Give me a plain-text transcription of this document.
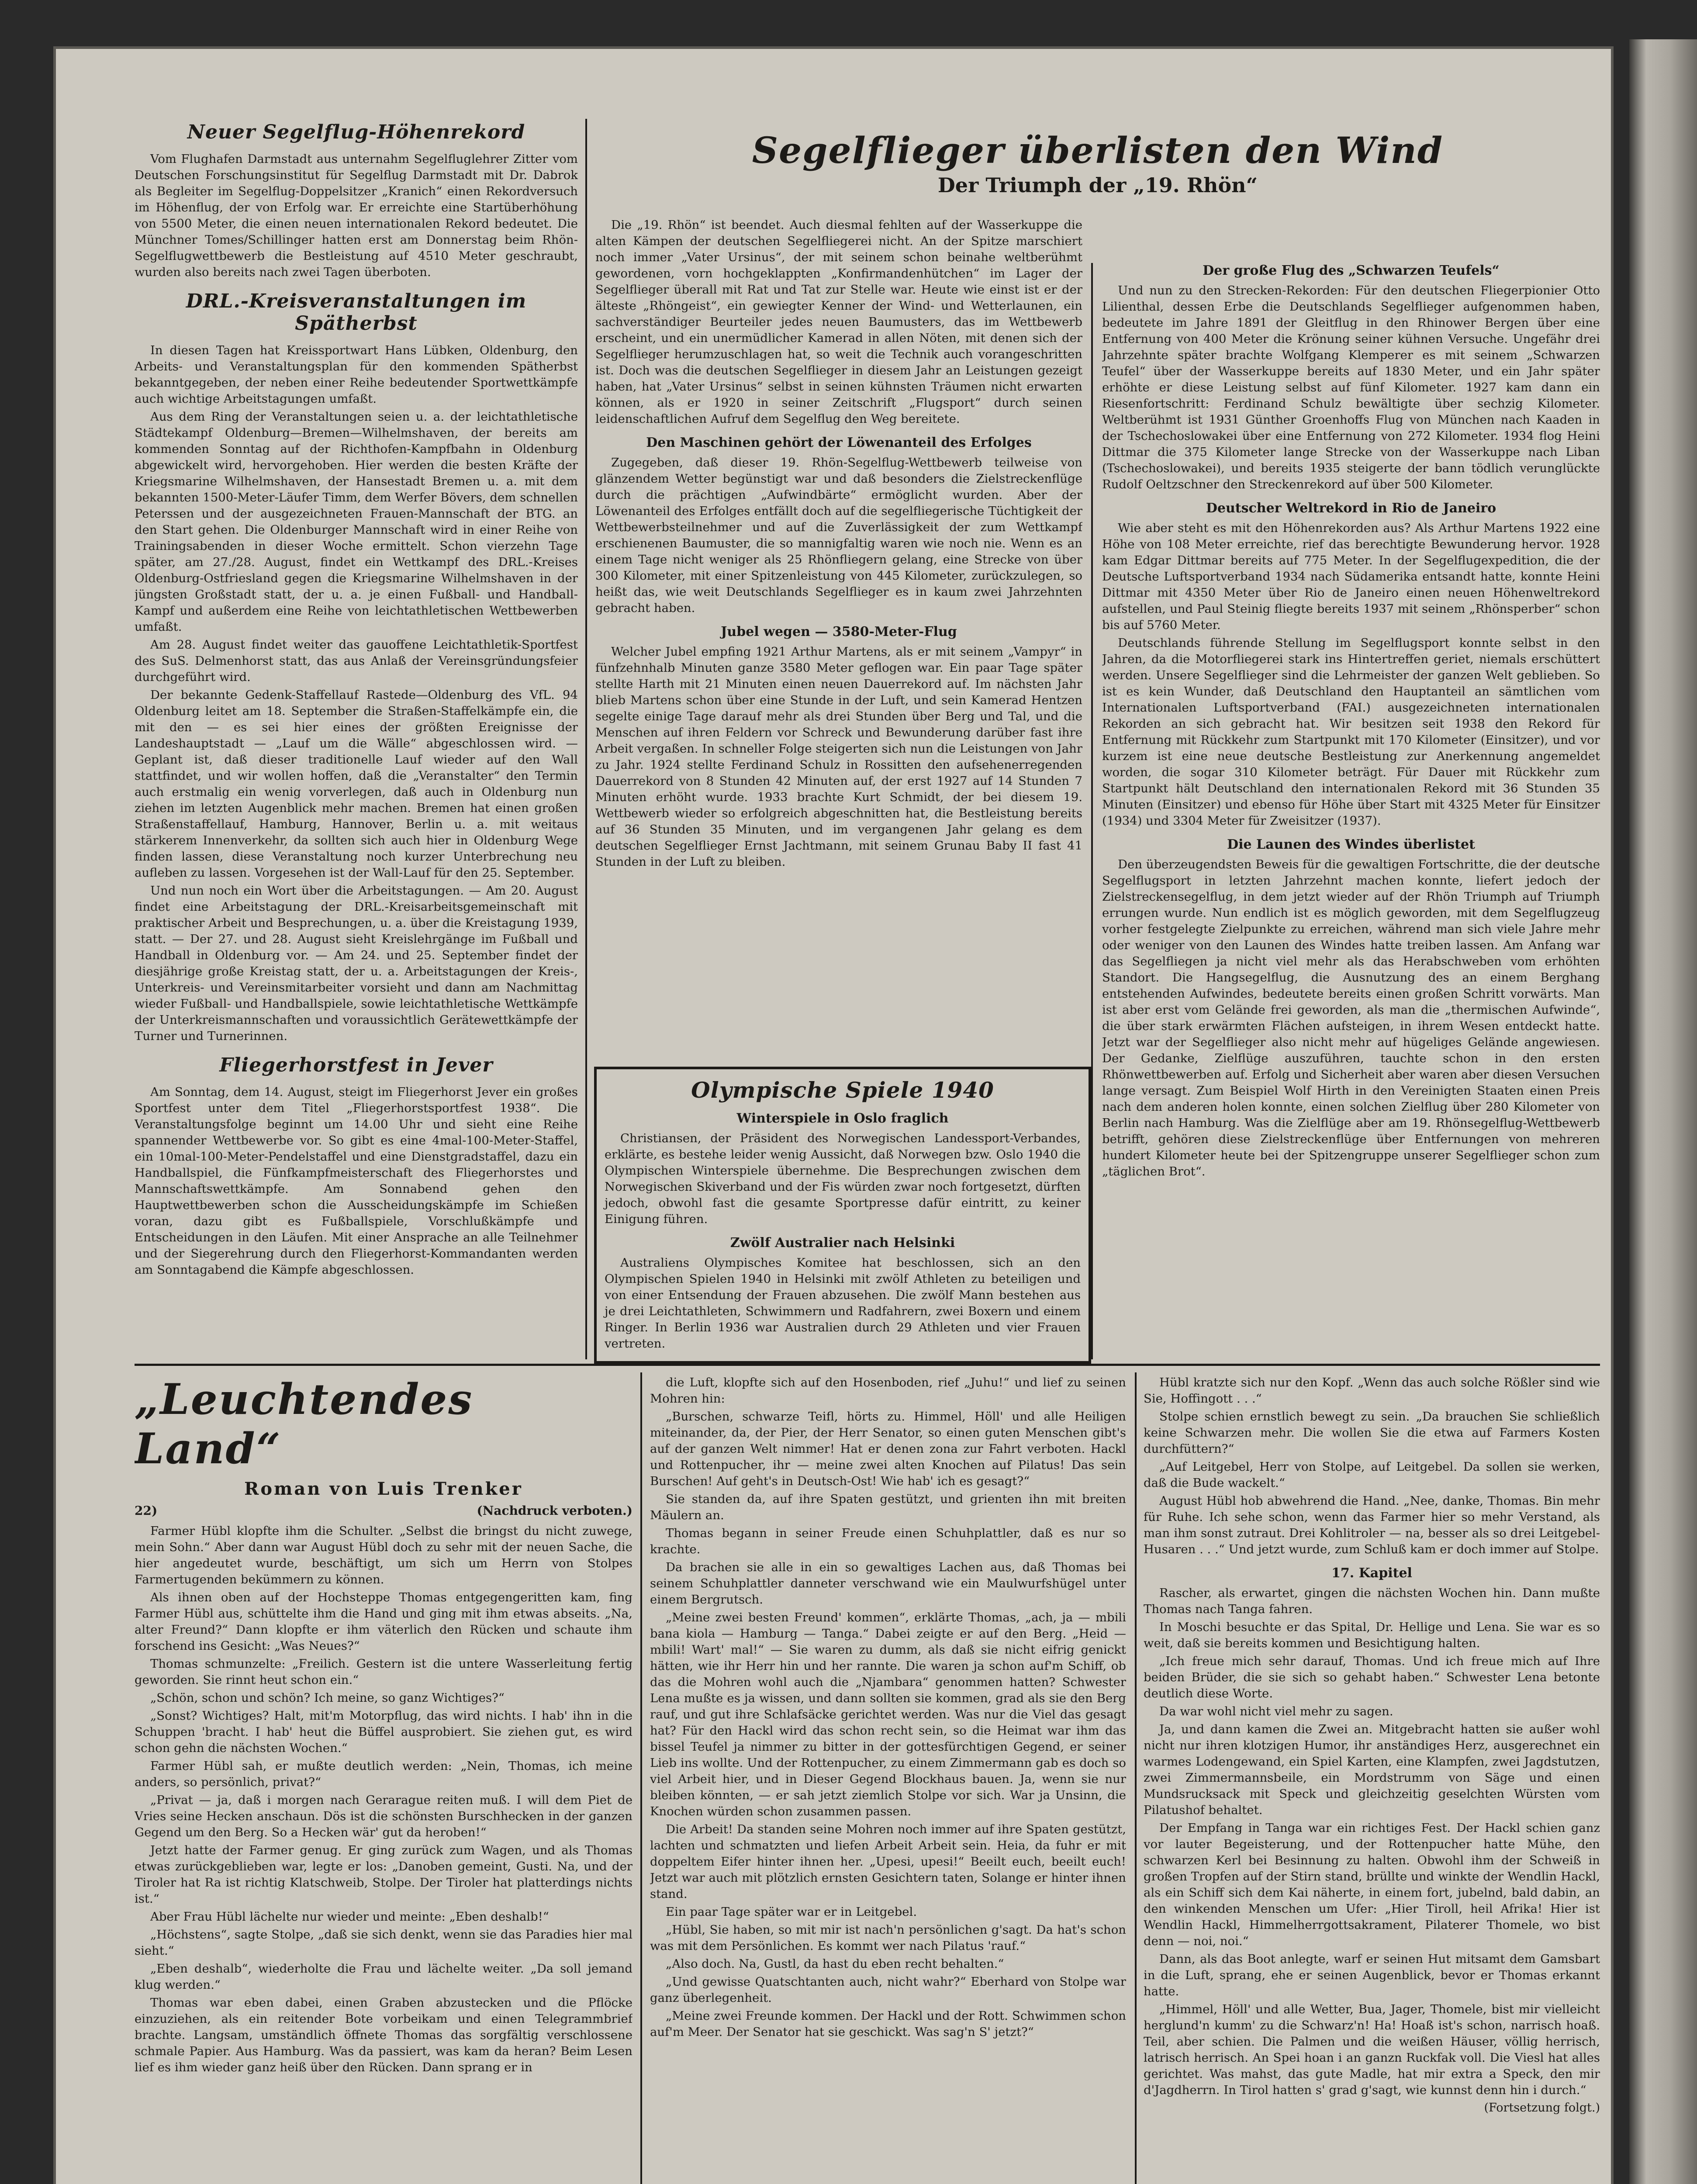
Neuer Segelflug-Höhenrekord

Vom Flughafen Darmstadt aus unternahm Segelfluglehrer Zitter vom Deutschen Forschungsinstitut für Segelflug Darmstadt mit Dr. Dabrok als Begleiter im Segelflug-Doppelsitzer „Kranich“ einen Rekordversuch im Höhenflug, der von Erfolg war. Er erreichte eine Startüberhöhung von 5500 Meter, die einen neuen internationalen Rekord bedeutet. Die Münchner Tomes/Schillinger hatten erst am Donnerstag beim Rhön-Segelflugwettbewerb die Bestleistung auf 4510 Meter geschraubt, wurden also bereits nach zwei Tagen überboten.

DRL.-Kreisveranstaltungen im Spätherbst

In diesen Tagen hat Kreissportwart Hans Lübken, Oldenburg, den Arbeits- und Veranstaltungsplan für den kommenden Spätherbst bekanntgegeben, der neben einer Reihe bedeutender Sportwettkämpfe auch wichtige Arbeitstagungen umfaßt.

Aus dem Ring der Veranstaltungen seien u. a. der leichtathletische Städtekampf Oldenburg—Bremen—Wilhelmshaven, der bereits am kommenden Sonntag auf der Richthofen-Kampfbahn in Oldenburg abgewickelt wird, hervorgehoben. Hier werden die besten Kräfte der Kriegsmarine Wilhelmshaven, der Hansestadt Bremen u. a. mit dem bekannten 1500-Meter-Läufer Timm, dem Werfer Bövers, dem schnellen Peterssen und der ausgezeichneten Frauen-Mannschaft der BTG. an den Start gehen. Die Oldenburger Mannschaft wird in einer Reihe von Trainingsabenden in dieser Woche ermittelt. Schon vierzehn Tage später, am 27./28. August, findet ein Wettkampf des DRL.-Kreises Oldenburg-Ostfriesland gegen die Kriegsmarine Wilhelmshaven in der jüngsten Großstadt statt, der u. a. je einen Fußball- und Handball-Kampf und außerdem eine Reihe von leichtathletischen Wettbewerben umfaßt.

Am 28. August findet weiter das gauoffene Leichtathletik-Sportfest des SuS. Delmenhorst statt, das aus Anlaß der Vereinsgründungsfeier durchgeführt wird.

Der bekannte Gedenk-Staffellauf Rastede—Oldenburg des VfL. 94 Oldenburg leitet am 18. September die Straßen-Staffelkämpfe ein, die mit den — es sei hier eines der größten Ereignisse der Landeshauptstadt — „Lauf um die Wälle“ abgeschlossen wird. — Geplant ist, daß dieser traditionelle Lauf wieder auf den Wall stattfindet, und wir wollen hoffen, daß die „Veranstalter“ den Termin auch erstmalig ein wenig vorverlegen, daß auch in Oldenburg nun ziehen im letzten Augenblick mehr machen. Bremen hat einen großen Straßenstaffellauf, Hamburg, Hannover, Berlin u. a. mit weitaus stärkerem Innenverkehr, da sollten sich auch hier in Oldenburg Wege finden lassen, diese Veranstaltung noch kurzer Unterbrechung neu aufleben zu lassen. Vorgesehen ist der Wall-Lauf für den 25. September.

Und nun noch ein Wort über die Arbeitstagungen. — Am 20. August findet eine Arbeitstagung der DRL.-Kreisarbeitsgemeinschaft mit praktischer Arbeit und Besprechungen, u. a. über die Kreistagung 1939, statt. — Der 27. und 28. August sieht Kreislehrgänge im Fußball und Handball in Oldenburg vor. — Am 24. und 25. September findet der diesjährige große Kreistag statt, der u. a. Arbeitstagungen der Kreis-, Unterkreis- und Vereinsmitarbeiter vorsieht und dann am Nachmittag wieder Fußball- und Handballspiele, sowie leichtathletische Wettkämpfe der Unterkreismannschaften und voraussichtlich Gerätewettkämpfe der Turner und Turnerinnen.

Fliegerhorstfest in Jever

Am Sonntag, dem 14. August, steigt im Fliegerhorst Jever ein großes Sportfest unter dem Titel „Fliegerhorstsportfest 1938“. Die Veranstaltungsfolge beginnt um 14.00 Uhr und sieht eine Reihe spannender Wettbewerbe vor. So gibt es eine 4mal-100-Meter-Staffel, ein 10mal-100-Meter-Pendelstaffel und eine Dienstgradstaffel, dazu ein Handballspiel, die Fünfkampfmeisterschaft des Fliegerhorstes und Mannschaftswettkämpfe. Am Sonnabend gehen den Hauptwettbewerben schon die Ausscheidungskämpfe im Schießen voran, dazu gibt es Fußballspiele, Vorschlußkämpfe und Entscheidungen in den Läufen. Mit einer Ansprache an alle Teilnehmer und der Siegerehrung durch den Fliegerhorst-Kommandanten werden am Sonntagabend die Kämpfe abgeschlossen.

Segelflieger überlisten den Wind
Der Triumph der „19. Rhön“

Die „19. Rhön“ ist beendet. Auch diesmal fehlten auf der Wasserkuppe die alten Kämpen der deutschen Segelfliegerei nicht. An der Spitze marschiert noch immer „Vater Ursinus“, der mit seinem schon beinahe weltberühmt gewordenen, vorn hochgeklappten „Konfirmandenhütchen“ im Lager der Segelflieger überall mit Rat und Tat zur Stelle war. Heute wie einst ist er der älteste „Rhöngeist“, ein gewiegter Kenner der Wind- und Wetterlaunen, ein sachverständiger Beurteiler jedes neuen Baumusters, das im Wettbewerb erscheint, und ein unermüdlicher Kamerad in allen Nöten, mit denen sich der Segelflieger herumzuschlagen hat, so weit die Technik auch vorangeschritten ist. Doch was die deutschen Segelflieger in diesem Jahr an Leistungen gezeigt haben, hat „Vater Ursinus“ selbst in seinen kühnsten Träumen nicht erwarten können, als er 1920 in seiner Zeitschrift „Flugsport“ durch seinen leidenschaftlichen Aufruf dem Segelflug den Weg bereitete.

Den Maschinen gehört der Löwenanteil des Erfolges

Zugegeben, daß dieser 19. Rhön-Segelflug-Wettbewerb teilweise von glänzendem Wetter begünstigt war und daß besonders die Zielstreckenflüge durch die prächtigen „Aufwindbärte“ ermöglicht wurden. Aber der Löwenanteil des Erfolges entfällt doch auf die segelfliegerische Tüchtigkeit der Wettbewerbsteilnehmer und auf die Zuverlässigkeit der zum Wettkampf erschienenen Baumuster, die so mannigfaltig waren wie noch nie. Wenn es an einem Tage nicht weniger als 25 Rhönfliegern gelang, eine Strecke von über 300 Kilometer, mit einer Spitzenleistung von 445 Kilometer, zurückzulegen, so heißt das, wie weit Deutschlands Segelflieger es in kaum zwei Jahrzehnten gebracht haben.

Jubel wegen — 3580-Meter-Flug

Welcher Jubel empfing 1921 Arthur Martens, als er mit seinem „Vampyr“ in fünfzehnhalb Minuten ganze 3580 Meter geflogen war. Ein paar Tage später stellte Harth mit 21 Minuten einen neuen Dauerrekord auf. Im nächsten Jahr blieb Martens schon über eine Stunde in der Luft, und sein Kamerad Hentzen segelte einige Tage darauf mehr als drei Stunden über Berg und Tal, und die Menschen auf ihren Feldern vor Schreck und Bewunderung darüber fast ihre Arbeit vergaßen. In schneller Folge steigerten sich nun die Leistungen von Jahr zu Jahr. 1924 stellte Ferdinand Schulz in Rossitten den aufsehenerregenden Dauerrekord von 8 Stunden 42 Minuten auf, der erst 1927 auf 14 Stunden 7 Minuten erhöht wurde. 1933 brachte Kurt Schmidt, der bei diesem 19. Wettbewerb wieder so erfolgreich abgeschnitten hat, die Bestleistung bereits auf 36 Stunden 35 Minuten, und im vergangenen Jahr gelang es dem deutschen Segelflieger Ernst Jachtmann, mit seinem Grunau Baby II fast 41 Stunden in der Luft zu bleiben.

Der große Flug des „Schwarzen Teufels“

Und nun zu den Strecken-Rekorden: Für den deutschen Fliegerpionier Otto Lilienthal, dessen Erbe die Deutschlands Segelflieger aufgenommen haben, bedeutete im Jahre 1891 der Gleitflug in den Rhinower Bergen über eine Entfernung von 400 Meter die Krönung seiner kühnen Versuche. Ungefähr drei Jahrzehnte später brachte Wolfgang Klemperer es mit seinem „Schwarzen Teufel“ über der Wasserkuppe bereits auf 1830 Meter, und ein Jahr später erhöhte er diese Leistung selbst auf fünf Kilometer. 1927 kam dann ein Riesenfortschritt: Ferdinand Schulz bewältigte über sechzig Kilometer. Weltberühmt ist 1931 Günther Groenhoffs Flug von München nach Kaaden in der Tschechoslowakei über eine Entfernung von 272 Kilometer. 1934 flog Heini Dittmar die 375 Kilometer lange Strecke von der Wasserkuppe nach Liban (Tschechoslowakei), und bereits 1935 steigerte der bann tödlich verunglückte Rudolf Oeltzschner den Streckenrekord auf über 500 Kilometer.

Deutscher Weltrekord in Rio de Janeiro

Wie aber steht es mit den Höhenrekorden aus? Als Arthur Martens 1922 eine Höhe von 108 Meter erreichte, rief das berechtigte Bewunderung hervor. 1928 kam Edgar Dittmar bereits auf 775 Meter. In der Segelflugexpedition, die der Deutsche Luftsportverband 1934 nach Südamerika entsandt hatte, konnte Heini Dittmar mit 4350 Meter über Rio de Janeiro einen neuen Höhenweltrekord aufstellen, und Paul Steinig fliegte bereits 1937 mit seinem „Rhönsperber“ schon bis auf 5760 Meter.

Deutschlands führende Stellung im Segelflugsport konnte selbst in den Jahren, da die Motorfliegerei stark ins Hintertreffen geriet, niemals erschüttert werden. Unsere Segelflieger sind die Lehrmeister der ganzen Welt geblieben. So ist es kein Wunder, daß Deutschland den Hauptanteil an sämtlichen vom Internationalen Luftsportverband (FAI.) ausgezeichneten internationalen Rekorden an sich gebracht hat. Wir besitzen seit 1938 den Rekord für Entfernung mit Rückkehr zum Startpunkt mit 170 Kilometer (Einsitzer), und vor kurzem ist eine neue deutsche Bestleistung zur Anerkennung angemeldet worden, die sogar 310 Kilometer beträgt. Für Dauer mit Rückkehr zum Startpunkt hält Deutschland den internationalen Rekord mit 36 Stunden 35 Minuten (Einsitzer) und ebenso für Höhe über Start mit 4325 Meter für Einsitzer (1934) und 3304 Meter für Zweisitzer (1937).

Die Launen des Windes überlistet

Den überzeugendsten Beweis für die gewaltigen Fortschritte, die der deutsche Segelflugsport in letzten Jahrzehnt machen konnte, liefert jedoch der Zielstreckensegelflug, in dem jetzt wieder auf der Rhön Triumph auf Triumph errungen wurde. Nun endlich ist es möglich geworden, mit dem Segelflugzeug vorher festgelegte Zielpunkte zu erreichen, während man sich viele Jahre mehr oder weniger von den Launen des Windes hatte treiben lassen. Am Anfang war das Segelfliegen ja nicht viel mehr als das Herabschweben vom erhöhten Standort. Die Hangsegelflug, die Ausnutzung des an einem Berghang entstehenden Aufwindes, bedeutete bereits einen großen Schritt vorwärts. Man ist aber erst vom Gelände frei geworden, als man die „thermischen Aufwinde“, die über stark erwärmten Flächen aufsteigen, in ihrem Wesen entdeckt hatte. Jetzt war der Segelflieger also nicht mehr auf hügeliges Gelände angewiesen. Der Gedanke, Zielflüge auszuführen, tauchte schon in den ersten Rhönwettbewerben auf. Erfolg und Sicherheit aber waren aber diesen Versuchen lange versagt. Zum Beispiel Wolf Hirth in den Vereinigten Staaten einen Preis nach dem anderen holen konnte, einen solchen Zielflug über 280 Kilometer von Berlin nach Hamburg. Was die Zielflüge aber am 19. Rhönsegelflug-Wettbewerb betrifft, gehören diese Zielstreckenflüge über Entfernungen von mehreren hundert Kilometer heute bei der Spitzengruppe unserer Segelflieger schon zum „täglichen Brot“.

Olympische Spiele 1940
Winterspiele in Oslo fraglich

Christiansen, der Präsident des Norwegischen Landessport-Verbandes, erklärte, es bestehe leider wenig Aussicht, daß Norwegen bzw. Oslo 1940 die Olympischen Winterspiele übernehme. Die Besprechungen zwischen dem Norwegischen Skiverband und der Fis würden zwar noch fortgesetzt, dürften jedoch, obwohl fast die gesamte Sportpresse dafür eintritt, zu keiner Einigung führen.

Zwölf Australier nach Helsinki

Australiens Olympisches Komitee hat beschlossen, sich an den Olympischen Spielen 1940 in Helsinki mit zwölf Athleten zu beteiligen und von einer Entsendung der Frauen abzusehen. Die zwölf Mann bestehen aus je drei Leichtathleten, Schwimmern und Radfahrern, zwei Boxern und einem Ringer. In Berlin 1936 war Australien durch 29 Athleten und vier Frauen vertreten.

„Leuchtendes Land“
Roman von Luis Trenker
22)	(Nachdruck verboten.)

Farmer Hübl klopfte ihm die Schulter. „Selbst die bringst du nicht zuwege, mein Sohn.“ Aber dann war August Hübl doch zu sehr mit der neuen Sache, die hier angedeutet wurde, beschäftigt, um sich um Herrn von Stolpes Farmertugenden bekümmern zu können.

Als ihnen oben auf der Hochsteppe Thomas entgegengeritten kam, fing Farmer Hübl aus, schüttelte ihm die Hand und ging mit ihm etwas abseits. „Na, alter Freund?“ Dann klopfte er ihm väterlich den Rücken und schaute ihm forschend ins Gesicht: „Was Neues?“

Thomas schmunzelte: „Freilich. Gestern ist die untere Wasserleitung fertig geworden. Sie rinnt heut schon ein.“

„Schön, schon und schön? Ich meine, so ganz Wichtiges?“

„Sonst? Wichtiges? Halt, mit'm Motorpflug, das wird nichts. I hab' ihn in die Schuppen 'bracht. I hab' heut die Büffel ausprobiert. Sie ziehen gut, es wird schon gehn die nächsten Wochen.“

Farmer Hübl sah, er mußte deutlich werden: „Nein, Thomas, ich meine anders, so persönlich, privat?“

„Privat — ja, daß i morgen nach Gerarague reiten muß. I will dem Piet de Vries seine Hecken anschaun. Dös ist die schönsten Burschhecken in der ganzen Gegend um den Berg. So a Hecken wär' gut da heroben!“

Jetzt hatte der Farmer genug. Er ging zurück zum Wagen, und als Thomas etwas zurückgeblieben war, legte er los: „Danoben gemeint, Gusti. Na, und der Tiroler hat Ra ist richtig Klatschweib, Stolpe. Der Tiroler hat platterdings nichts ist.“

Aber Frau Hübl lächelte nur wieder und meinte: „Eben deshalb!“

„Höchstens“, sagte Stolpe, „daß sie sich denkt, wenn sie das Paradies hier mal sieht.“

„Eben deshalb“, wiederholte die Frau und lächelte weiter. „Da soll jemand klug werden.“

Thomas war eben dabei, einen Graben abzustecken und die Pflöcke einzuziehen, als ein reitender Bote vorbeikam und einen Telegrammbrief brachte. Langsam, umständlich öffnete Thomas das sorgfältig verschlossene schmale Papier. Aus Hamburg. Was da passiert, was kam da heran? Beim Lesen lief es ihm wieder ganz heiß über den Rücken. Dann sprang er in

die Luft, klopfte sich auf den Hosenboden, rief „Juhu!“ und lief zu seinen Mohren hin:

„Burschen, schwarze Teifl, hörts zu. Himmel, Höll' und alle Heiligen miteinander, da, der Pier, der Herr Senator, so einen guten Menschen gibt's auf der ganzen Welt nimmer! Hat er denen zona zur Fahrt verboten. Hackl und Rottenpucher, ihr — meine zwei alten Knochen auf Pilatus! Das sein Burschen! Auf geht's in Deutsch-Ost! Wie hab' ich es gesagt?“

Sie standen da, auf ihre Spaten gestützt, und grienten ihn mit breiten Mäulern an.

Thomas begann in seiner Freude einen Schuhplattler, daß es nur so krachte.

Da brachen sie alle in ein so gewaltiges Lachen aus, daß Thomas bei seinem Schuhplattler danneter verschwand wie ein Maulwurfshügel unter einem Bergrutsch.

„Meine zwei besten Freund' kommen“, erklärte Thomas, „ach, ja — mbili bana kiola — Hamburg — Tanga.“ Dabei zeigte er auf den Berg. „Heid — mbili! Wart' mal!“ — Sie waren zu dumm, als daß sie nicht eifrig genickt hätten, wie ihr Herr hin und her rannte. Die waren ja schon auf'm Schiff, ob das die Mohren wohl auch die „Njambara“ genommen hatten? Schwester Lena mußte es ja wissen, und dann sollten sie kommen, grad als sie den Berg rauf, und gut ihre Schlafsäcke gerichtet werden. Was nur die Viel das gesagt hat? Für den Hackl wird das schon recht sein, so die Heimat war ihm das bissel Teufel ja nimmer zu bitter in der gottesfürchtigen Gegend, er seiner Lieb ins wollte. Und der Rottenpucher, zu einem Zimmermann gab es doch so viel Arbeit hier, und in Dieser Gegend Blockhaus bauen. Ja, wenn sie nur bleiben könnten, — er sah jetzt ziemlich Stolpe vor sich. War ja Unsinn, die Knochen würden schon zusammen passen.

Die Arbeit! Da standen seine Mohren noch immer auf ihre Spaten gestützt, lachten und schmatzten und liefen Arbeit Arbeit sein. Heia, da fuhr er mit doppeltem Eifer hinter ihnen her. „Upesi, upesi!“ Beeilt euch, beeilt euch! Jetzt war auch mit plötzlich ernsten Gesichtern taten, Solange er hinter ihnen stand.

Ein paar Tage später war er in Leitgebel.

„Hübl, Sie haben, so mit mir ist nach'n persönlichen g'sagt. Da hat's schon was mit dem Persönlichen. Es kommt wer nach Pilatus 'rauf.“

„Also doch. Na, Gustl, da hast du eben recht behalten.“

„Und gewisse Quatschtanten auch, nicht wahr?“ Eberhard von Stolpe war ganz überlegenheit.

„Meine zwei Freunde kommen. Der Hackl und der Rott. Schwimmen schon auf'm Meer. Der Senator hat sie geschickt. Was sag'n S' jetzt?“

Hübl kratzte sich nur den Kopf. „Wenn das auch solche Rößler sind wie Sie, Hoffingott . . .“

Stolpe schien ernstlich bewegt zu sein. „Da brauchen Sie schließlich keine Schwarzen mehr. Die wollen Sie die etwa auf Farmers Kosten durchfüttern?“

„Auf Leitgebel, Herr von Stolpe, auf Leitgebel. Da sollen sie werken, daß die Bude wackelt.“

August Hübl hob abwehrend die Hand. „Nee, danke, Thomas. Bin mehr für Ruhe. Ich sehe schon, wenn das Farmer hier so mehr Verstand, als man ihm sonst zutraut. Drei Kohlitroler — na, besser als so drei Leitgebel-Husaren . . .“ Und jetzt wurde, zum Schluß kam er doch immer auf Stolpe.

17. Kapitel

Rascher, als erwartet, gingen die nächsten Wochen hin. Dann mußte Thomas nach Tanga fahren.

In Moschi besuchte er das Spital, Dr. Hellige und Lena. Sie war es so weit, daß sie bereits kommen und Besichtigung halten.

„Ich freue mich sehr darauf, Thomas. Und ich freue mich auf Ihre beiden Brüder, die sie sich so gehabt haben.“ Schwester Lena betonte deutlich diese Worte.

Da war wohl nicht viel mehr zu sagen.

Ja, und dann kamen die Zwei an. Mitgebracht hatten sie außer wohl nicht nur ihren klotzigen Humor, ihr anständiges Herz, ausgerechnet ein warmes Lodengewand, ein Spiel Karten, eine Klampfen, zwei Jagdstutzen, zwei Zimmermannsbeile, ein Mordstrumm von Säge und einen Mundsrucksack mit Speck und gleichzeitig geselchten Würsten vom Pilatushof behaltet.

Der Empfang in Tanga war ein richtiges Fest. Der Hackl schien ganz vor lauter Begeisterung, und der Rottenpucher hatte Mühe, den schwarzen Kerl bei Besinnung zu halten. Obwohl ihm der Schweiß in großen Tropfen auf der Stirn stand, brüllte und winkte der Wendlin Hackl, als ein Schiff sich dem Kai näherte, in einem fort, jubelnd, bald dabin, an den winkenden Menschen um Ufer: „Hier Tiroll, heil Afrika! Hier ist Wendlin Hackl, Himmelherrgottsakrament, Pilaterer Thomele, wo bist denn — noi, noi.“

Dann, als das Boot anlegte, warf er seinen Hut mitsamt dem Gamsbart in die Luft, sprang, ehe er seinen Augenblick, bevor er Thomas erkannt hatte.

„Himmel, Höll' und alle Wetter, Bua, Jager, Thomele, bist mir vielleicht herglund'n kumm' zu die Schwarz'n! Ha! Hoaß ist's schon, narrisch hoaß. Teil, aber schien. Die Palmen und die weißen Häuser, völlig herrisch, latrisch herrisch. An Spei hoan i an ganzn Ruckfak voll. Die Viesl hat alles gerichtet. Was mahst, das gute Madle, hat mir extra a Speck, den mir d'Jagdherrn. In Tirol hatten s' grad g'sagt, wie kunnst denn hin i durch.“

(Fortsetzung folgt.)
